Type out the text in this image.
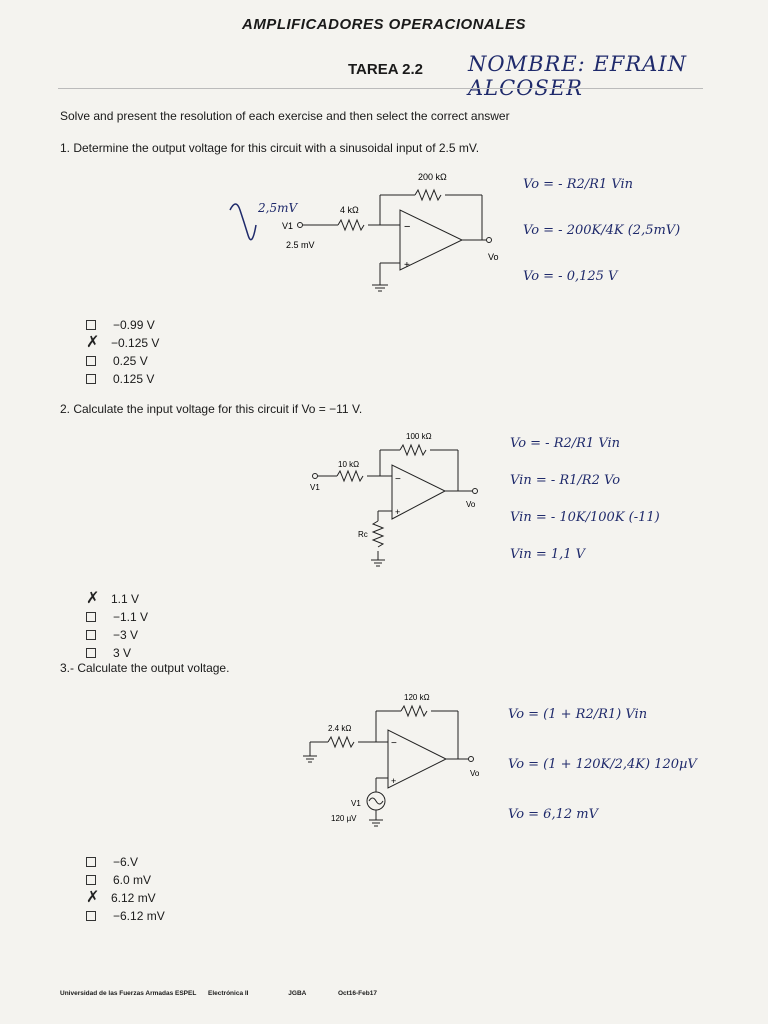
AMPLIFICADORES OPERACIONALES
TAREA 2.2 NOMBRE: EFRAIN ALCOSER
Solve and present the resolution of each exercise and then select the correct answer
1. Determine the output voltage for this circuit with a sinusoidal input of 2.5 mV.
2,5mV
V1
4 kΩ
2.5 mV
200 kΩ
−
+
Vo
Vo = - R2/R1 Vin
Vo = - 200K/4K (2,5mV)
Vo = - 0,125 V
−0.99 V
✗ −0.125 V
0.25 V
0.125 V
2. Calculate the input voltage for this circuit if Vo = −11 V.
V1
10 kΩ
100 kΩ
−
+
Vo
Rc
Vo = - R2/R1 Vin
Vin = - R1/R2 Vo
Vin = - 10K/100K (-11)
Vin = 1,1 V
✗ 1.1 V
−1.1 V
−3 V
3 V
3.- Calculate the output voltage.
2.4 kΩ
120 kΩ
−
+
Vo
V1
120 µV
Vo = (1 + R2/R1) Vin
Vo = (1 + 120K/2,4K) 120µV
Vo = 6,12 mV
−6.V
6.0 mV
✗ 6.12 mV
−6.12 mV
Universidad de las Fuerzas Armadas ESPEL Electrónica II	JGBA	Oct16-Feb17
